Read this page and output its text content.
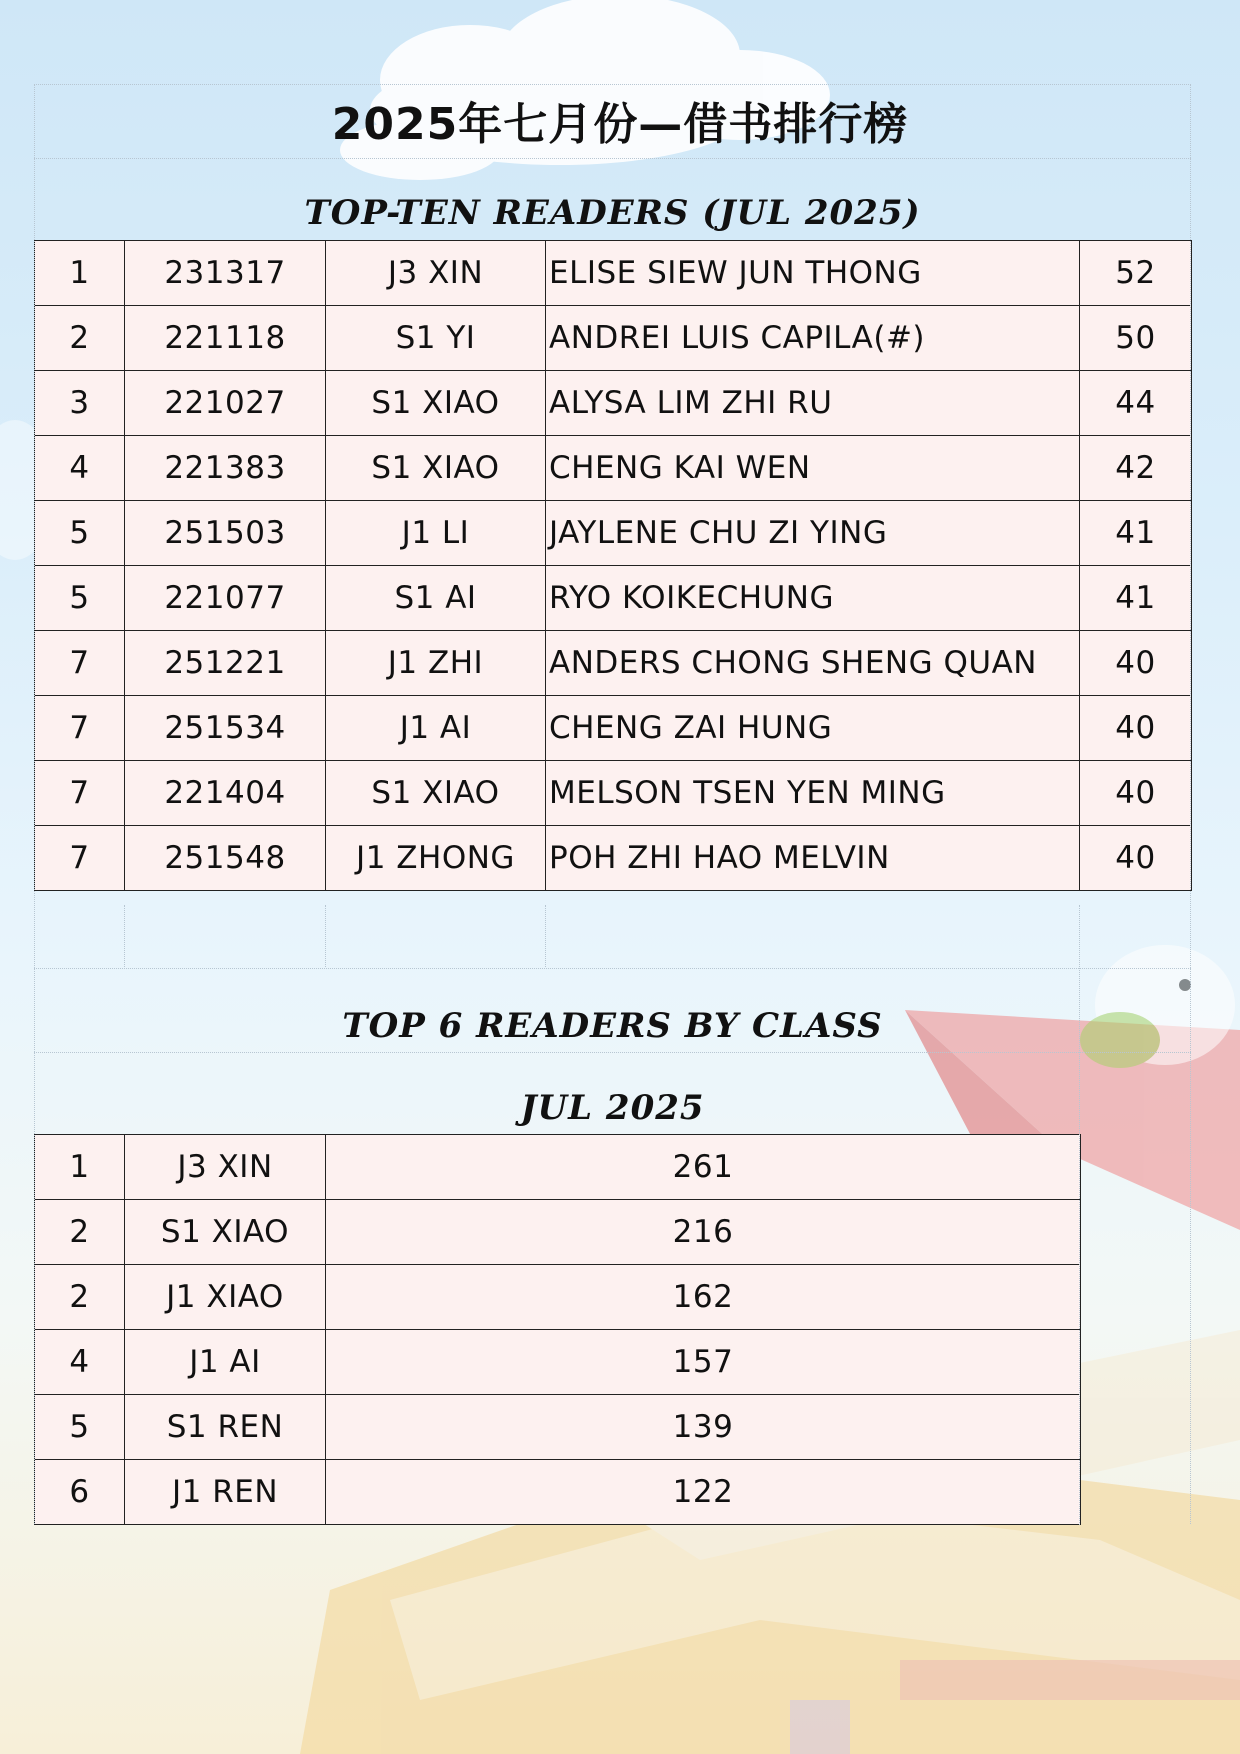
2025年七月份—借书排行榜
TOP-TEN READERS (JUL 2025)
1	231317	J3 XIN	ELISE SIEW JUN THONG	52
2	221118	S1 YI	ANDREI LUIS CAPILA(#)	50
3	221027	S1 XIAO	ALYSA LIM ZHI RU	44
4	221383	S1 XIAO	CHENG KAI WEN	42
5	251503	J1 LI	JAYLENE CHU ZI YING	41
5	221077	S1 AI	RYO KOIKECHUNG	41
7	251221	J1 ZHI	ANDERS CHONG SHENG QUAN	40
7	251534	J1 AI	CHENG ZAI HUNG	40
7	221404	S1 XIAO	MELSON TSEN YEN MING	40
7	251548	J1 ZHONG	POH ZHI HAO MELVIN	40
TOP 6 READERS BY CLASS
JUL 2025
1	J3 XIN	261
2	S1 XIAO	216
2	J1 XIAO	162
4	J1 AI	157
5	S1 REN	139
6	J1 REN	122
